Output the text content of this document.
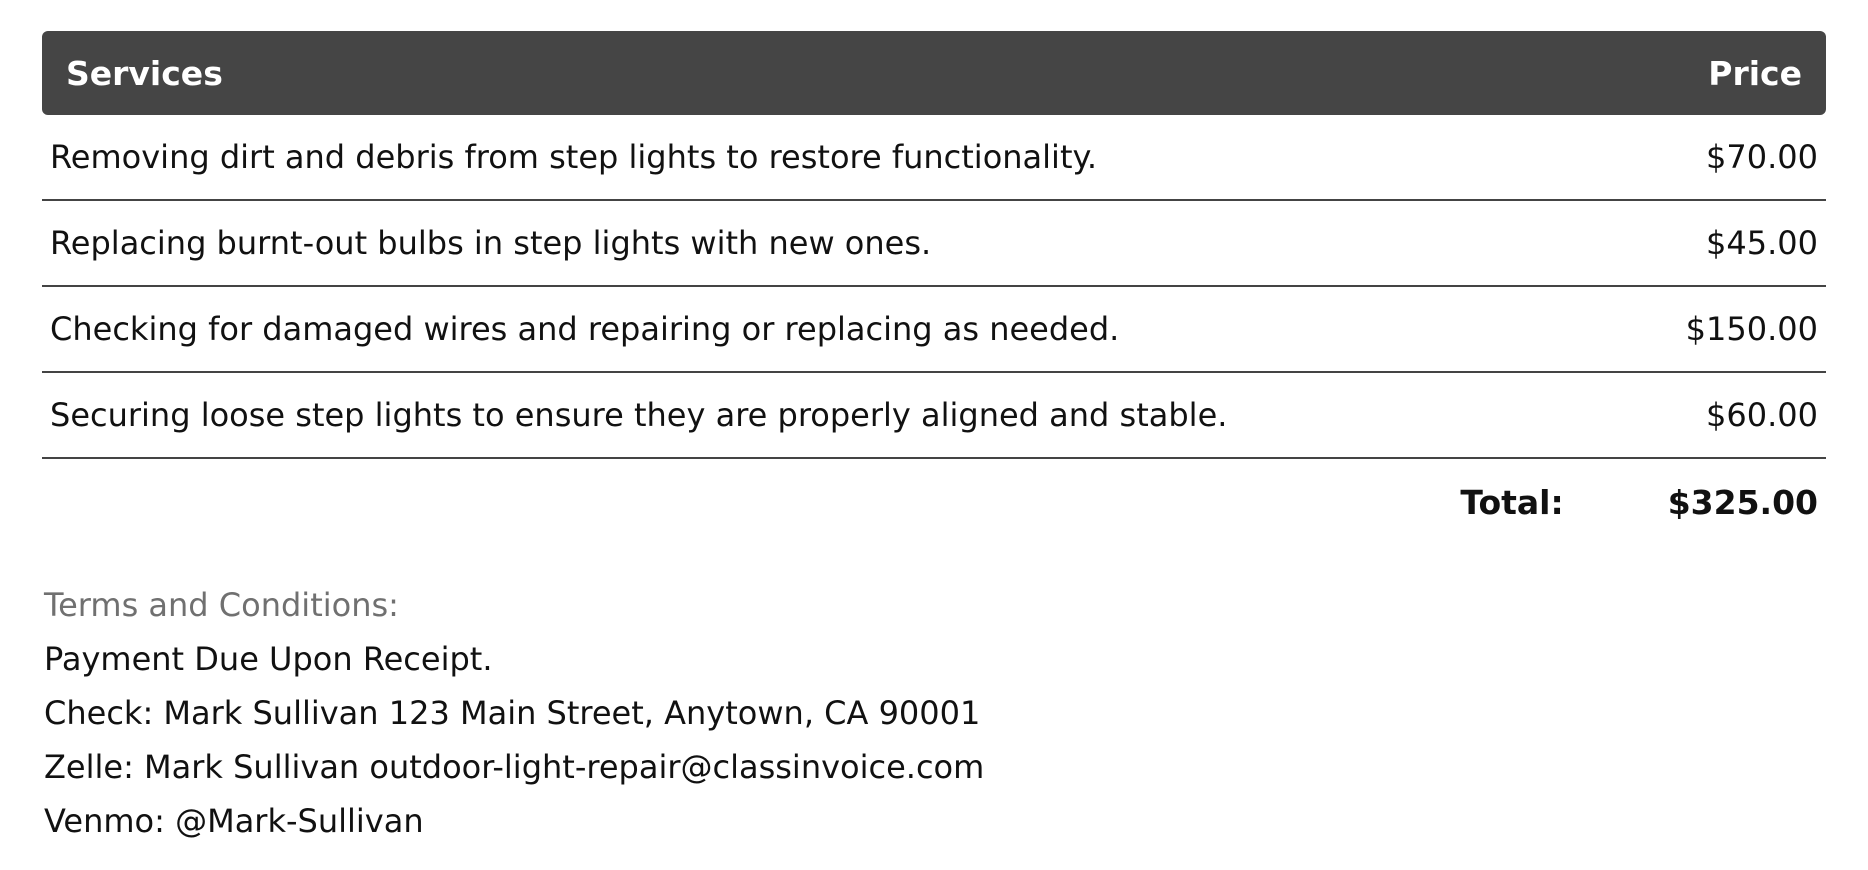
Services	Price
Removing dirt and debris from step lights to restore functionality.	$70.00
Replacing burnt-out bulbs in step lights with new ones.	$45.00
Checking for damaged wires and repairing or replacing as needed.	$150.00
Securing loose step lights to ensure they are properly aligned and stable.	$60.00
Total:	$325.00
Terms and Conditions:
Payment Due Upon Receipt.
Check: Mark Sullivan 123 Main Street, Anytown, CA 90001
Zelle: Mark Sullivan outdoor-light-repair@classinvoice.com
Venmo: @Mark-Sullivan
